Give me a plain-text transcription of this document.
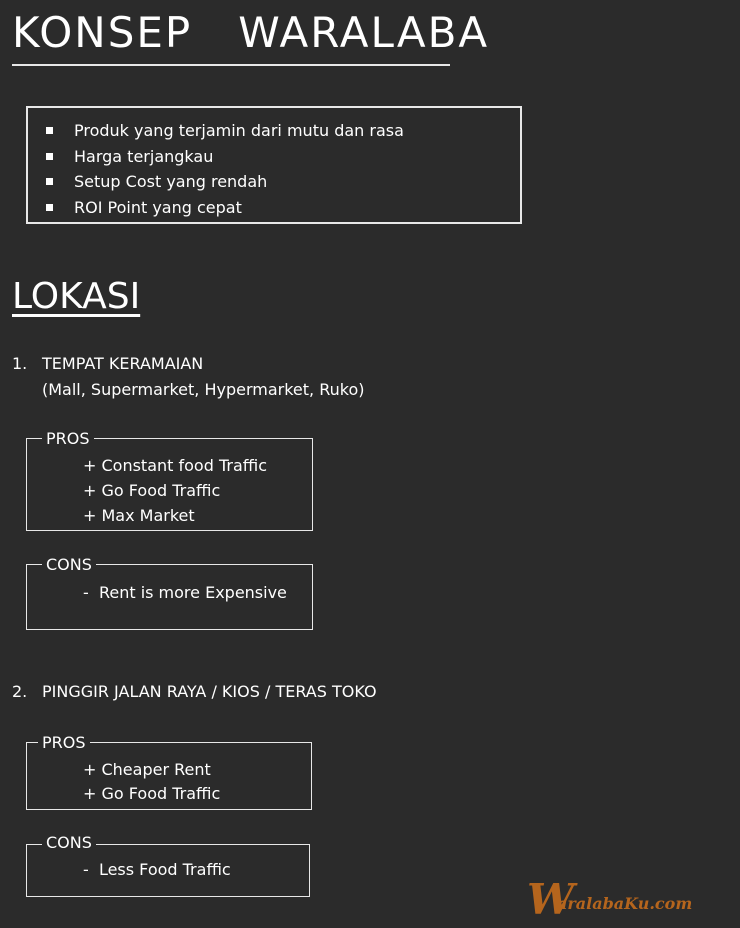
KONSEP   WARALABA
Produk yang terjamin dari mutu dan rasa
Harga terjangkau
Setup Cost yang rendah
ROI Point yang cepat
LOKASI
1. TEMPAT KERAMAIAN
(Mall, Supermarket, Hypermarket, Ruko)
PROS
+ Constant food Traffic
+ Go Food Traffic
+ Max Market
CONS
-  Rent is more Expensive
2. PINGGIR JALAN RAYA / KIOS / TERAS TOKO
PROS
+ Cheaper Rent
+ Go Food Traffic
CONS
-  Less Food Traffic
W
aralabaKu.com
